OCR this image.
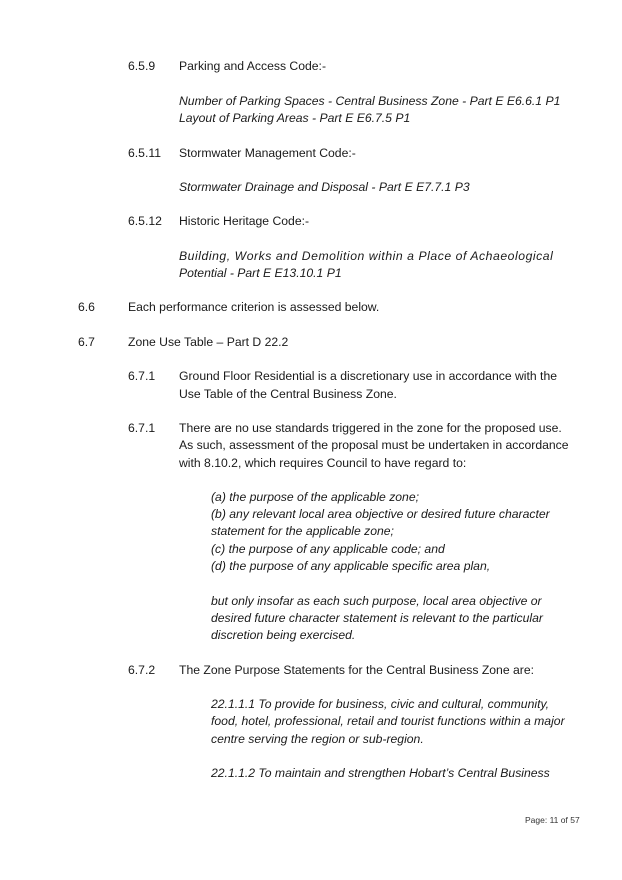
6.5.9 Parking and Access Code:-
Number of Parking Spaces - Central Business Zone - Part E E6.6.1 P1
Layout of Parking Areas - Part E E6.7.5 P1
6.5.11 Stormwater Management Code:-
Stormwater Drainage and Disposal - Part E E7.7.1 P3
6.5.12 Historic Heritage Code:-
Building, Works and Demolition within a Place of Achaeological
Potential - Part E E13.10.1 P1
6.6	Each performance criterion is assessed below.
6.7	Zone Use Table – Part D 22.2
6.7.1 Ground Floor Residential is a discretionary use in accordance with the
Use Table of the Central Business Zone.
6.7.1 There are no use standards triggered in the zone for the proposed use.
As such, assessment of the proposal must be undertaken in accordance
with 8.10.2, which requires Council to have regard to:
(a) the purpose of the applicable zone;
(b) any relevant local area objective or desired future character
statement for the applicable zone;
(c) the purpose of any applicable code; and
(d) the purpose of any applicable specific area plan,
but only insofar as each such purpose, local area objective or
desired future character statement is relevant to the particular
discretion being exercised.
6.7.2 The Zone Purpose Statements for the Central Business Zone are:
22.1.1.1 To provide for business, civic and cultural, community,
food, hotel, professional, retail and tourist functions within a major
centre serving the region or sub-region.
22.1.1.2 To maintain and strengthen Hobart’s Central Business
Page: 11 of 57
